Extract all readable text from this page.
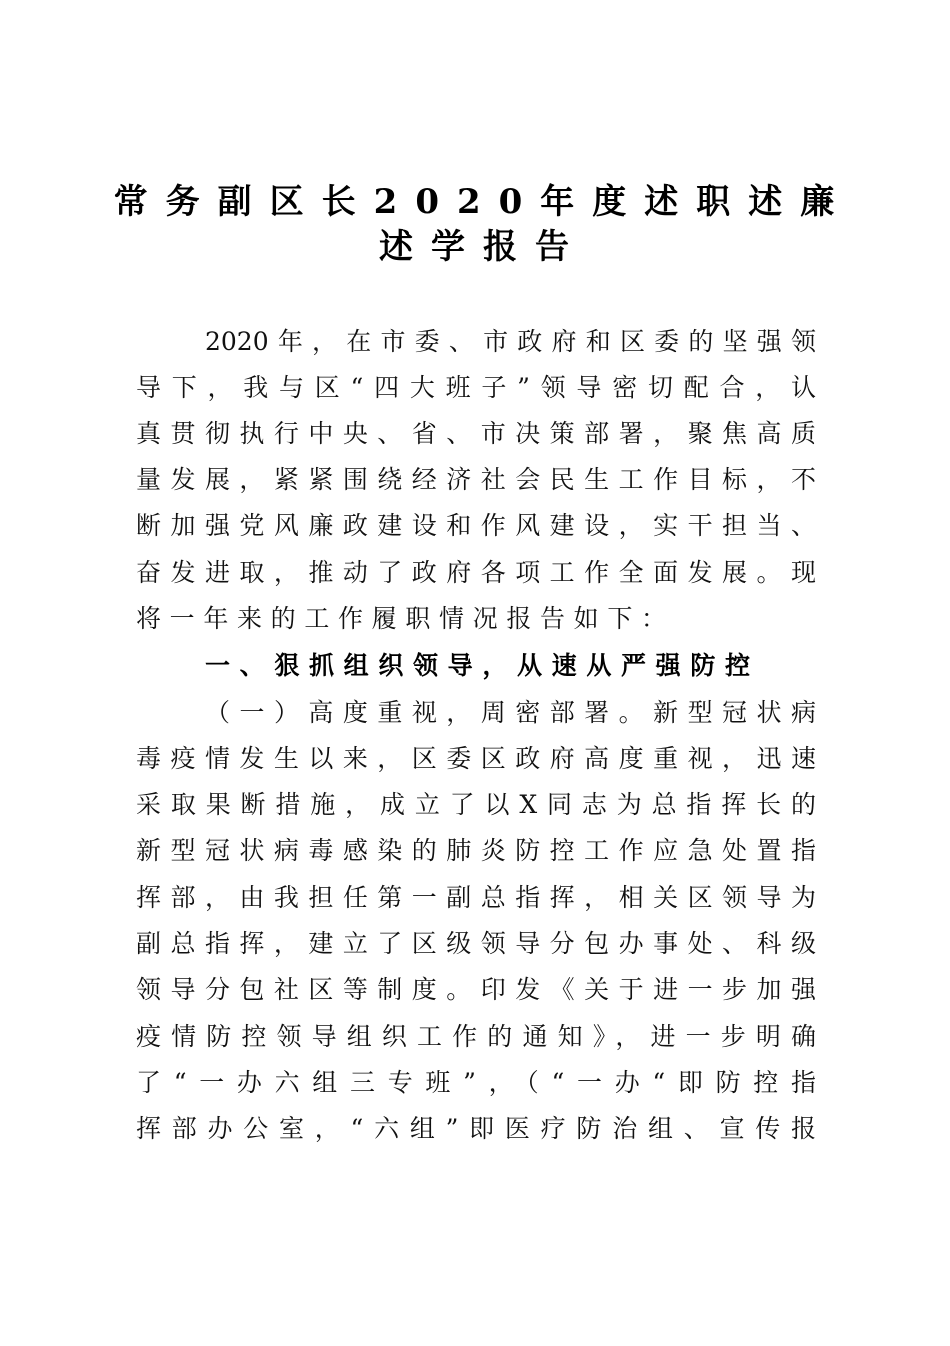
常务副区长2020年度述职述廉
述学报告
2020年，在市委、市政府和区委的坚强领
导下，我与区“四大班子”领导密切配合，认
真贯彻执行中央、省、市决策部署，聚焦高质
量发展，紧紧围绕经济社会民生工作目标，不
断加强党风廉政建设和作风建设，实干担当、
奋发进取，推动了政府各项工作全面发展。现
将一年来的工作履职情况报告如下：
一、狠抓组织领导，从速从严强防控
（一）高度重视，周密部署。新型冠状病
毒疫情发生以来，区委区政府高度重视，迅速
采取果断措施，成立了以X同志为总指挥长的
新型冠状病毒感染的肺炎防控工作应急处置指
挥部，由我担任第一副总指挥，相关区领导为
副总指挥，建立了区级领导分包办事处、科级
领导分包社区等制度。印发《关于进一步加强
疫情防控领导组织工作的通知》，进一步明确
了“一办六组三专班”，（“一办“即防控指
挥部办公室，“六组”即医疗防治组、宣传报
